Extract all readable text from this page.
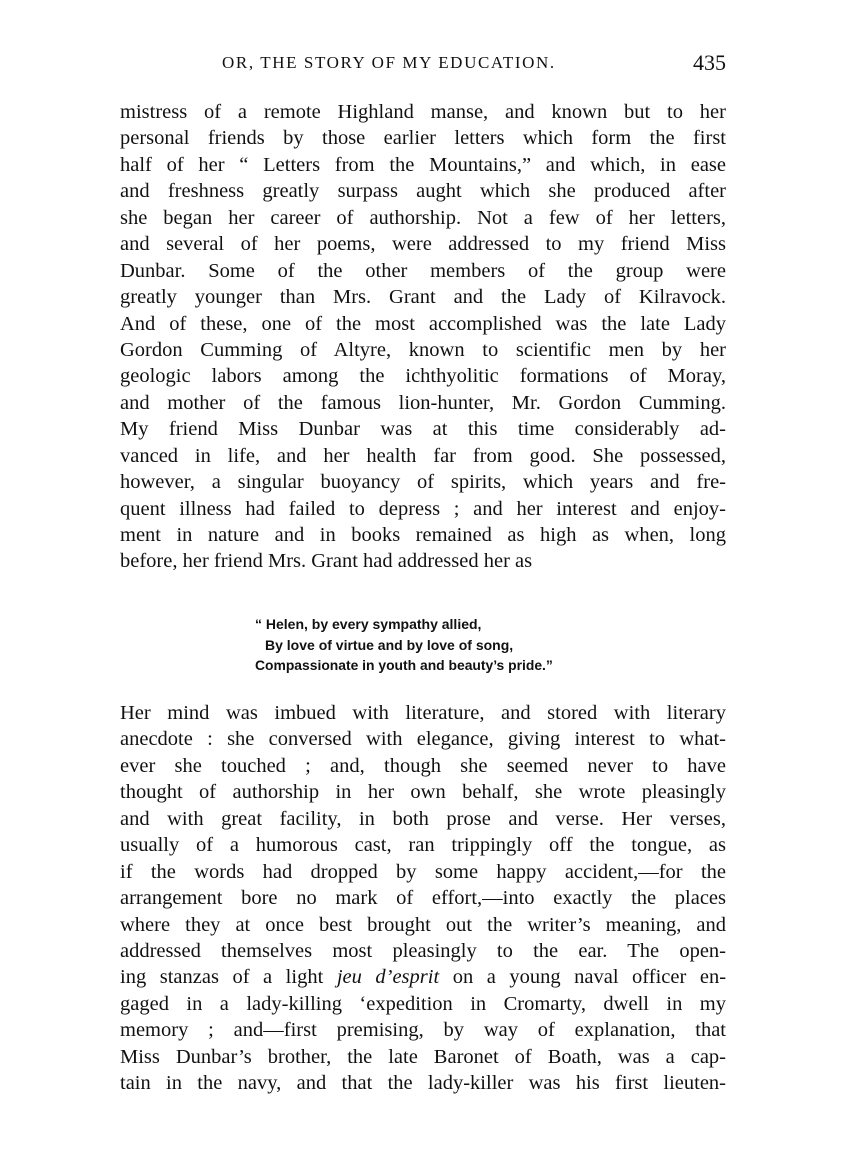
OR, THE STORY OF MY EDUCATION.	435
mistress of a remote Highland manse, and known but to her
personal friends by those earlier letters which form the first
half of her “ Letters from the Mountains,” and which, in ease
and freshness greatly surpass aught which she produced after
she began her career of authorship. Not a few of her letters,
and several of her poems, were addressed to my friend Miss
Dunbar. Some of the other members of the group were
greatly younger than Mrs. Grant and the Lady of Kilravock.
And of these, one of the most accomplished was the late Lady
Gordon Cumming of Altyre, known to scientific men by her
geologic labors among the ichthyolitic formations of Moray,
and mother of the famous lion-hunter, Mr. Gordon Cumming.
My friend Miss Dunbar was at this time considerably ad-
vanced in life, and her health far from good. She possessed,
however, a singular buoyancy of spirits, which years and fre-
quent illness had failed to depress ; and her interest and enjoy-
ment in nature and in books remained as high as when, long
before, her friend Mrs. Grant had addressed her as
“ Helen, by every sympathy allied,
By love of virtue and by love of song,
Compassionate in youth and beauty’s pride.”
Her mind was imbued with literature, and stored with literary
anecdote : she conversed with elegance, giving interest to what-
ever she touched ; and, though she seemed never to have
thought of authorship in her own behalf, she wrote pleasingly
and with great facility, in both prose and verse. Her verses,
usually of a humorous cast, ran trippingly off the tongue, as
if the words had dropped by some happy accident,—for the
arrangement bore no mark of effort,—into exactly the places
where they at once best brought out the writer’s meaning, and
addressed themselves most pleasingly to the ear. The open-
ing stanzas of a light jeu d’esprit on a young naval officer en-
gaged in a lady-killing ‘expedition in Cromarty, dwell in my
memory ; and—first premising, by way of explanation, that
Miss Dunbar’s brother, the late Baronet of Boath, was a cap-
tain in the navy, and that the lady-killer was his first lieuten-
